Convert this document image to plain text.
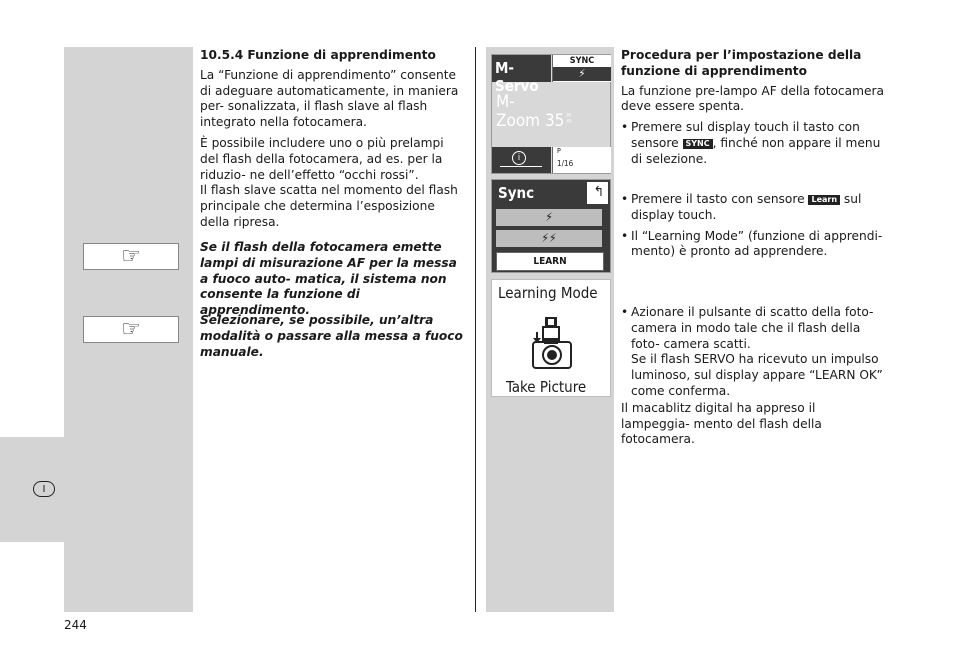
I
☞
☞

10.5.4 Funzione di apprendimento

La “Funzione di apprendimento” consente di adeguare automaticamente, in maniera per- sonalizzata, il flash slave al flash integrato nella fotocamera.

È possibile includere uno o più prelampi del flash della fotocamera, ad es. per la riduzio- ne dell’effetto “occhi rossi”.

Il flash slave scatta nel momento del flash principale che determina l’esposizione della ripresa.

Se il flash della fotocamera emette lampi di misurazione AF per la messa a fuoco auto- matica, il sistema non consente la funzione di apprendimento.

Selezionare, se possibile, un’altra modalità o passare alla messa a fuoco manuale.

244
M-Servo
SYNC
⚡
M-
Zoom 35 m
m
i
P
1/16
Sync	↰
⚡
⚡⚡
LEARN
Learning Mode
Take Picture

Procedura per l’impostazione della funzione di apprendimento

La funzione pre-lampo AF della fotocamera deve essere spenta.

• Premere sul display touch il tasto con sensore SYNC , finché non appare il menu di selezione.
• Premere il tasto con sensore Learn sul display touch.
• Il “Learning Mode” (funzione di apprendi- mento) è pronto ad apprendere.
• Azionare il pulsante di scatto della foto- camera in modo tale che il flash della foto- camera scatti.
Se il flash SERVO ha ricevuto un impulso luminoso, sul display appare “LEARN OK” come conferma.

Il macablitz digital ha appreso il lampeggia- mento del flash della fotocamera.
